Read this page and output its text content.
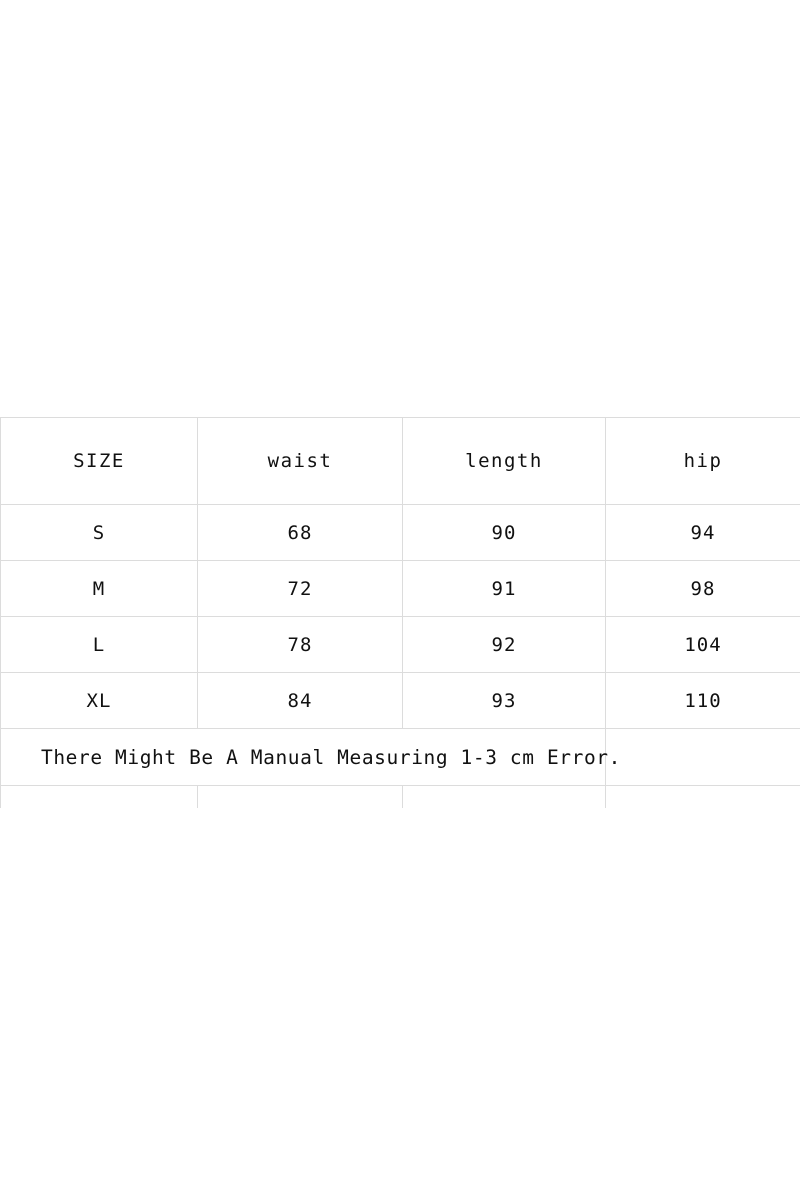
SIZE	waist	length	hip
S	68	90	94
M	72	91	98
L	78	92	104
XL	84	93	110
There Might Be A Manual Measuring 1-3 cm Error.			
